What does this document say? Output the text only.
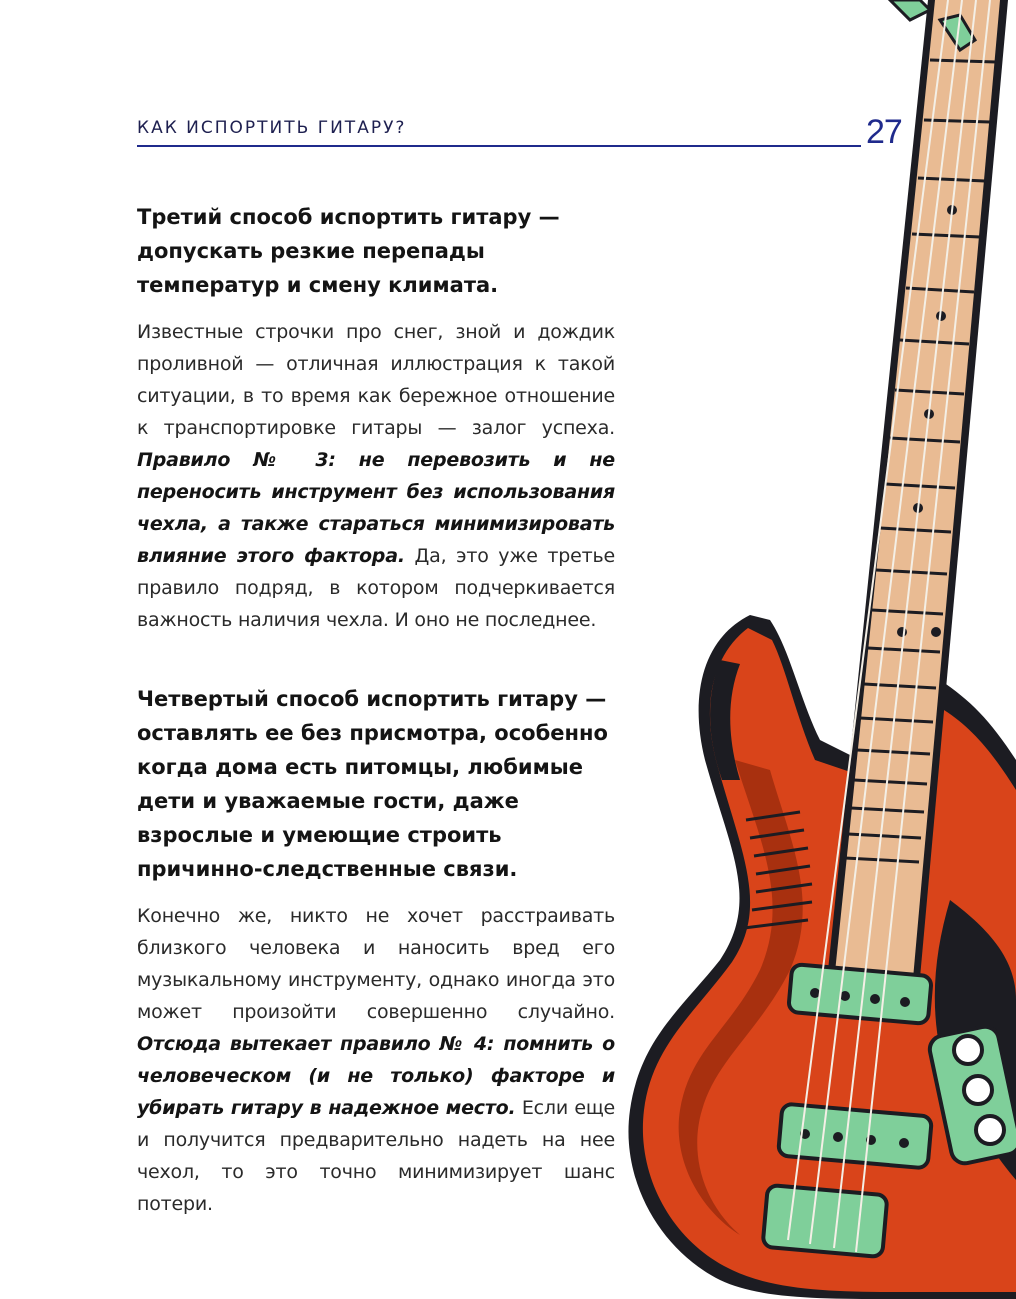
КАК ИСПОРТИТЬ ГИТАРУ?	27
Третий способ испортить гитару — допускать резкие перепады температур и смену климата.

Известные строчки про снег, зной и дождик проливной — отличная иллюстрация к такой ситуации, в то время как бережное отношение к транспортировке гитары — залог успеха. Правило № 3: не перевозить и не переносить инструмент без использования чехла, а также стараться минимизировать влияние этого фактора. Да, это уже третье правило подряд, в котором подчеркивается важность наличия чехла. И оно не последнее.

Четвертый способ испортить гитару — оставлять ее без присмотра, особенно когда дома есть питомцы, любимые дети и уважаемые гости, даже взрослые и умеющие строить причинно-следственные связи.

Конечно же, никто не хочет расстраивать близкого человека и наносить вред его музыкальному инструменту, однако иногда это может произойти совершенно случайно. Отсюда вытекает правило № 4: помнить о человеческом (и не только) факторе и убирать гитару в надежное место. Если еще и получится предварительно надеть на нее чехол, то это точно минимизирует шанс потери.
